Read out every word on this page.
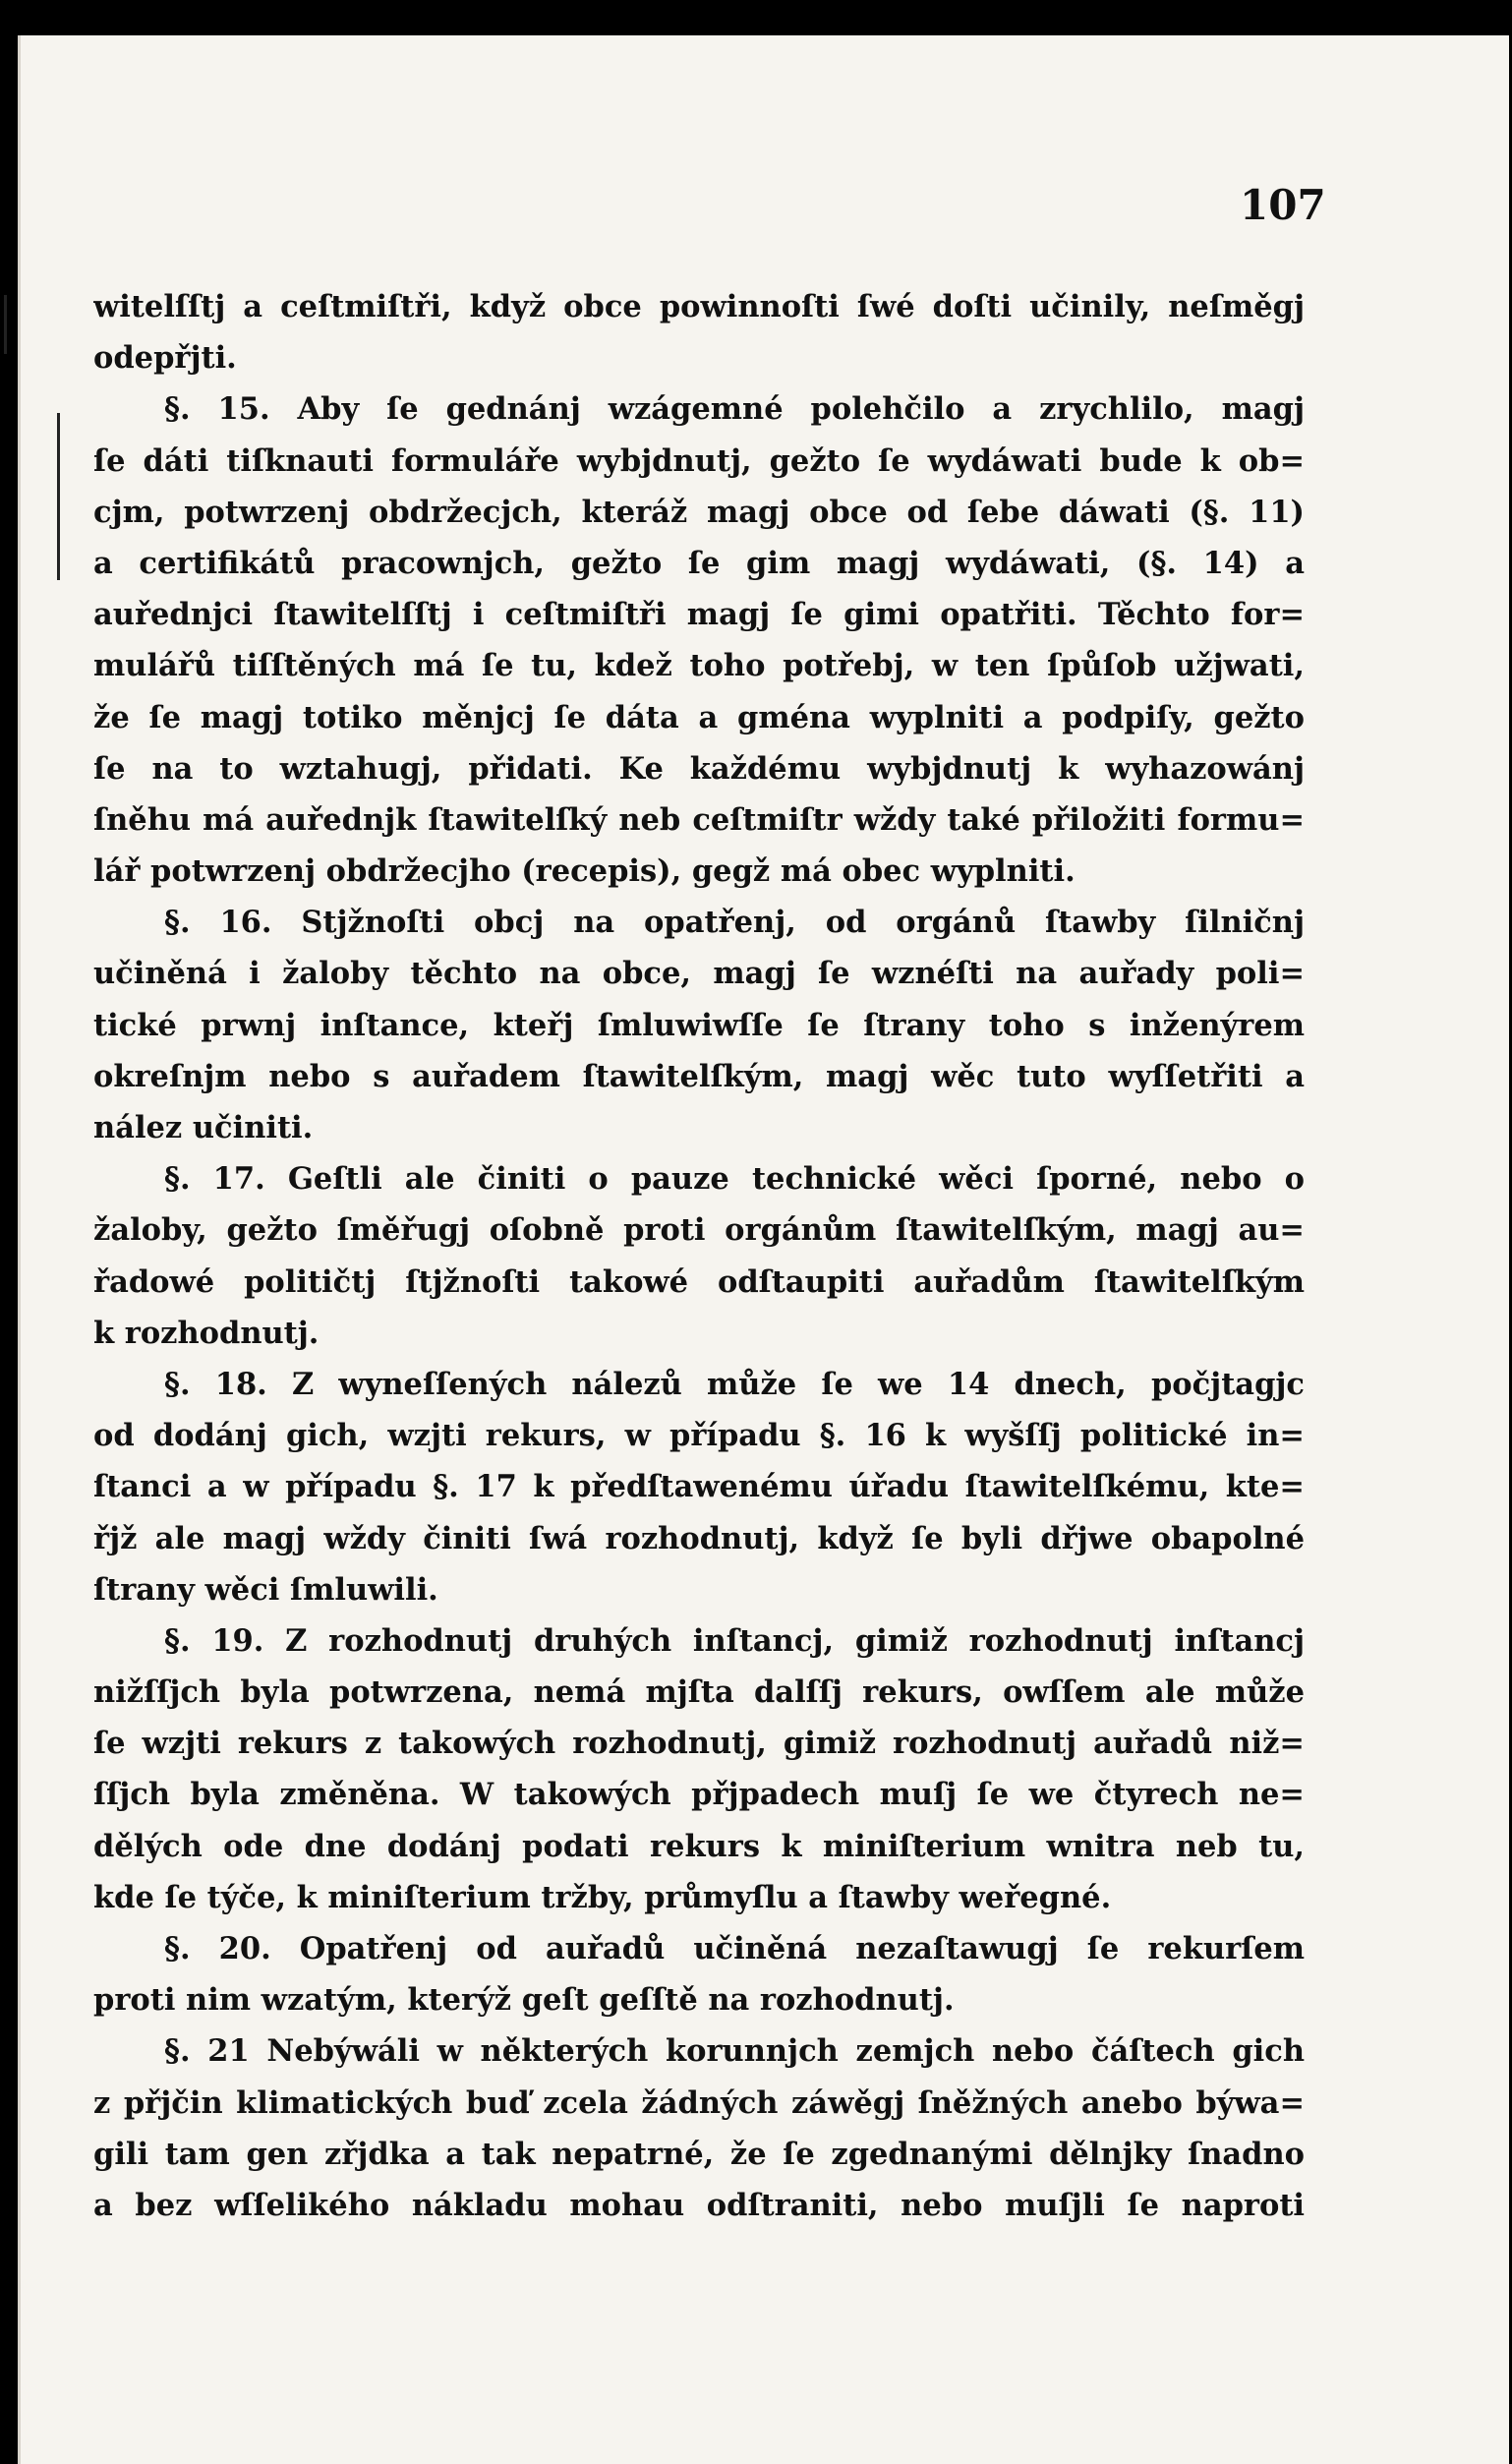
107
witelſſtj a ceſtmiſtři, když obce powinnoſti ſwé doſti učinily, neſměgj
odepřjti.
§. 15. Aby ſe gednánj wzágemné polehčilo a zrychlilo, magj
ſe dáti tiſknauti formuláře wybjdnutj, gežto ſe wydáwati bude k ob=
cjm, potwrzenj obdržecjch, kteráž magj obce od ſebe dáwati (§. 11)
a certifikátů pracownjch, gežto ſe gim magj wydáwati, (§. 14) a
auřednjci ſtawitelſſtj i ceſtmiſtři magj ſe gimi opatřiti. Těchto for=
mulářů tiſſtěných má ſe tu, kdež toho potřebj, w ten ſpůſob užjwati,
že ſe magj totiko měnjcj ſe dáta a gména wyplniti a podpiſy, gežto
ſe na to wztahugj, přidati. Ke každému wybjdnutj k wyhazowánj
ſněhu má auřednjk ſtawitelſký neb ceſtmiſtr wždy také přiložiti formu=
lář potwrzenj obdržecjho (recepis), gegž má obec wyplniti.
§. 16. Stjžnoſti obcj na opatřenj, od orgánů ſtawby ſilničnj
učiněná i žaloby těchto na obce, magj ſe wznéſti na auřady poli=
tické prwnj inſtance, kteřj ſmluwiwſſe ſe ſtrany toho s inženýrem
okreſnjm nebo s auřadem ſtawitelſkým, magj wěc tuto wyſſetřiti a
nález učiniti.
§. 17. Geſtli ale činiti o pauze technické wěci ſporné, nebo o
žaloby, gežto ſměřugj oſobně proti orgánům ſtawitelſkým, magj au=
řadowé političtj ſtjžnoſti takowé odſtaupiti auřadům ſtawitelſkým
k rozhodnutj.
§. 18. Z wyneſſených nálezů může ſe we 14 dnech, počjtagjc
od dodánj gich, wzjti rekurs, w případu §. 16 k wyšſſj politické in=
ſtanci a w případu §. 17 k předſtawenému úřadu ſtawitelſkému, kte=
řjž ale magj wždy činiti ſwá rozhodnutj, když ſe byli dřjwe obapolné
ſtrany wěci ſmluwili.
§. 19. Z rozhodnutj druhých inſtancj, gimiž rozhodnutj inſtancj
nižſſjch byla potwrzena, nemá mjſta dalſſj rekurs, owſſem ale může
ſe wzjti rekurs z takowých rozhodnutj, gimiž rozhodnutj auřadů niž=
ſſjch byla změněna. W takowých přjpadech muſj ſe we čtyrech ne=
dělých ode dne dodánj podati rekurs k miniſterium wnitra neb tu,
kde ſe týče, k miniſterium tržby, průmyſlu a ſtawby weřegné.
§. 20. Opatřenj od auřadů učiněná nezaſtawugj ſe rekurſem
proti nim wzatým, kterýž geſt geſſtě na rozhodnutj.
§. 21 Nebýwáli w některých korunnjch zemjch nebo čáſtech gich
z přjčin klimatických buď zcela žádných záwěgj ſněžných anebo býwa=
gili tam gen zřjdka a tak nepatrné, že ſe zgednanými dělnjky ſnadno
a bez wſſelikého nákladu mohau odſtraniti, nebo muſjli ſe naproti
